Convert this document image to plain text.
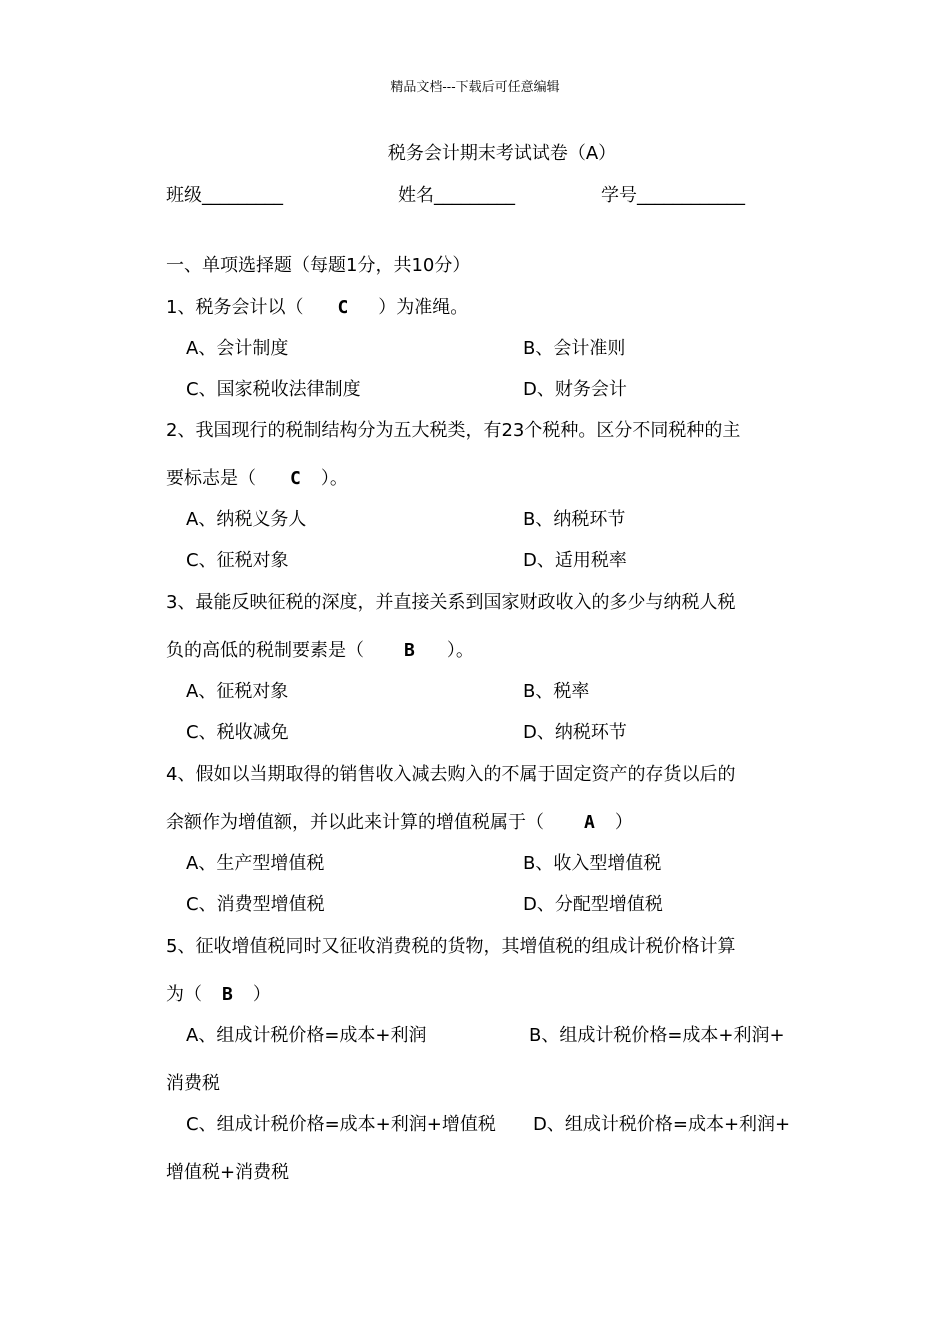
精品文档---下载后可任意编辑
税务会计期末考试试卷（A）
班级_________	姓名_________	学号____________
一、单项选择题（每题1分，共10分）
1、税务会计以（ C ）为准绳。
A、会计制度	B、会计准则
C、国家税收法律制度	D、财务会计
2、我国现行的税制结构分为五大税类，有23个税种。区分不同税种的主
要标志是（ C ）。
A、纳税义务人	B、纳税环节
C、征税对象	D、适用税率
3、最能反映征税的深度，并直接关系到国家财政收入的多少与纳税人税
负的高低的税制要素是（ B ）。
A、征税对象	B、税率
C、税收减免	D、纳税环节
4、假如以当期取得的销售收入减去购入的不属于固定资产的存货以后的
余额作为增值额，并以此来计算的增值税属于（ A ）
A、生产型增值税	B、收入型增值税
C、消费型增值税	D、分配型增值税
5、征收增值税同时又征收消费税的货物，其增值税的组成计税价格计算
为（ B ）
A、组成计税价格=成本+利润	B、组成计税价格=成本+利润+
消费税
C、组成计税价格=成本+利润+增值税 D、组成计税价格=成本+利润+
增值税+消费税
